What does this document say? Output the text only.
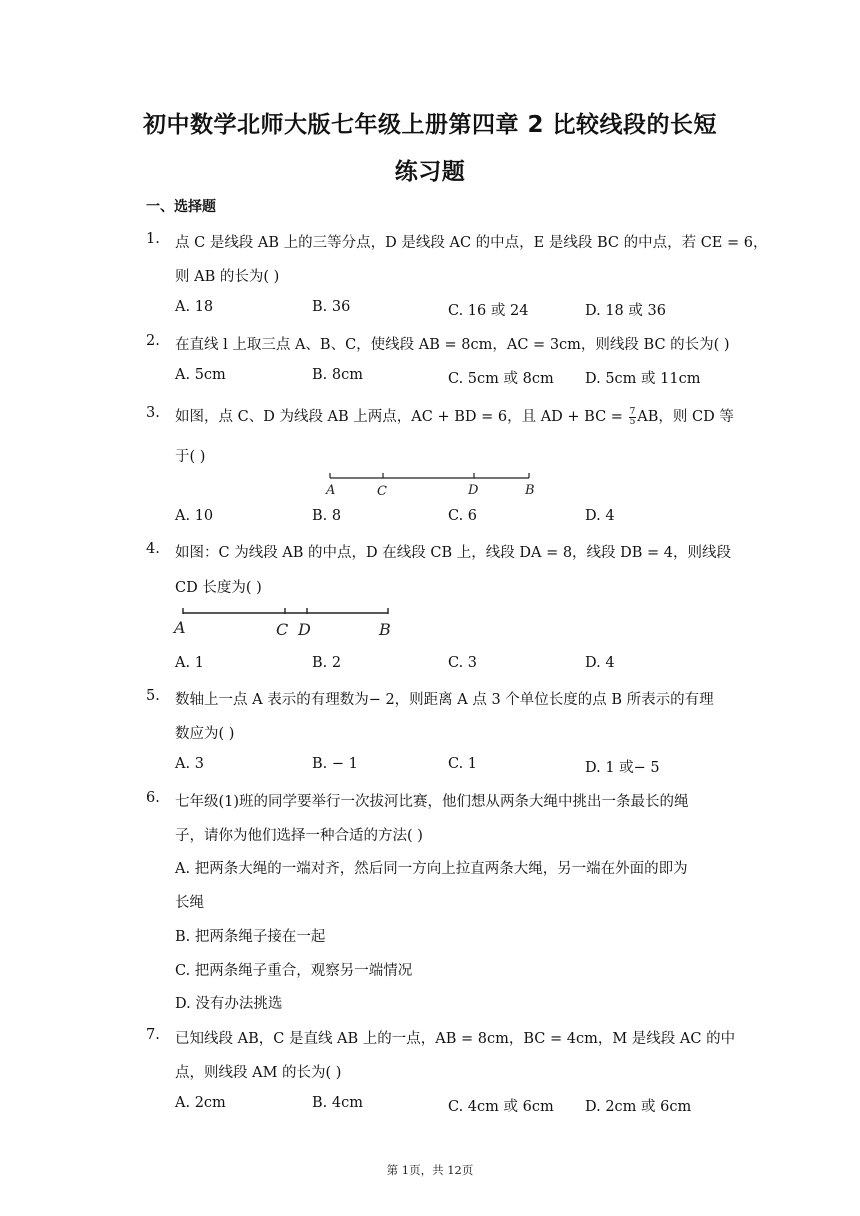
初中数学北师大版七年级上册第四章 2 比较线段的长短
练习题
一、选择题
1. 点 C 是线段 AB 上的三等分点，D 是线段 AC 的中点，E 是线段 BC 的中点，若 CE = 6，
则 AB 的长为( )
A. 18	B. 36	C. 16 或 24	D. 18 或 36
2. 在直线 l 上取三点 A、B、C，使线段 AB = 8cm，AC = 3cm，则线段 BC 的长为( )
A. 5cm	B. 8cm	C. 5cm 或 8cm D. 5cm 或 11cm
3. 如图，点 C、D 为线段 AB 上两点，AC + BD = 6，且 AD + BC = $\frac{7}{5}$ AB，则 CD 等
于( )
A	C	D	B
A. 10	B. 8	C. 6	D. 4
4. 如图：C 为线段 AB 的中点，D 在线段 CB 上，线段 DA = 8，线段 DB = 4，则线段
CD 长度为( )
A	C D	B
A. 1	B. 2	C. 3	D. 4
5. 数轴上一点 A 表示的有理数为− 2，则距离 A 点 3 个单位长度的点 B 所表示的有理
数应为( )
A. 3	B. − 1	C. 1	D. 1 或− 5
6. 七年级(1)班的同学要举行一次拔河比赛，他们想从两条大绳中挑出一条最长的绳
子，请你为他们选择一种合适的方法( )
A. 把两条大绳的一端对齐，然后同一方向上拉直两条大绳，另一端在外面的即为
长绳
B. 把两条绳子接在一起
C. 把两条绳子重合，观察另一端情况
D. 没有办法挑选
7. 已知线段 AB，C 是直线 AB 上的一点，AB = 8cm，BC = 4cm，M 是线段 AC 的中
点，则线段 AM 的长为( )
A. 2cm	B. 4cm	C. 4cm 或 6cm D. 2cm 或 6cm
第 1页，共 12页
